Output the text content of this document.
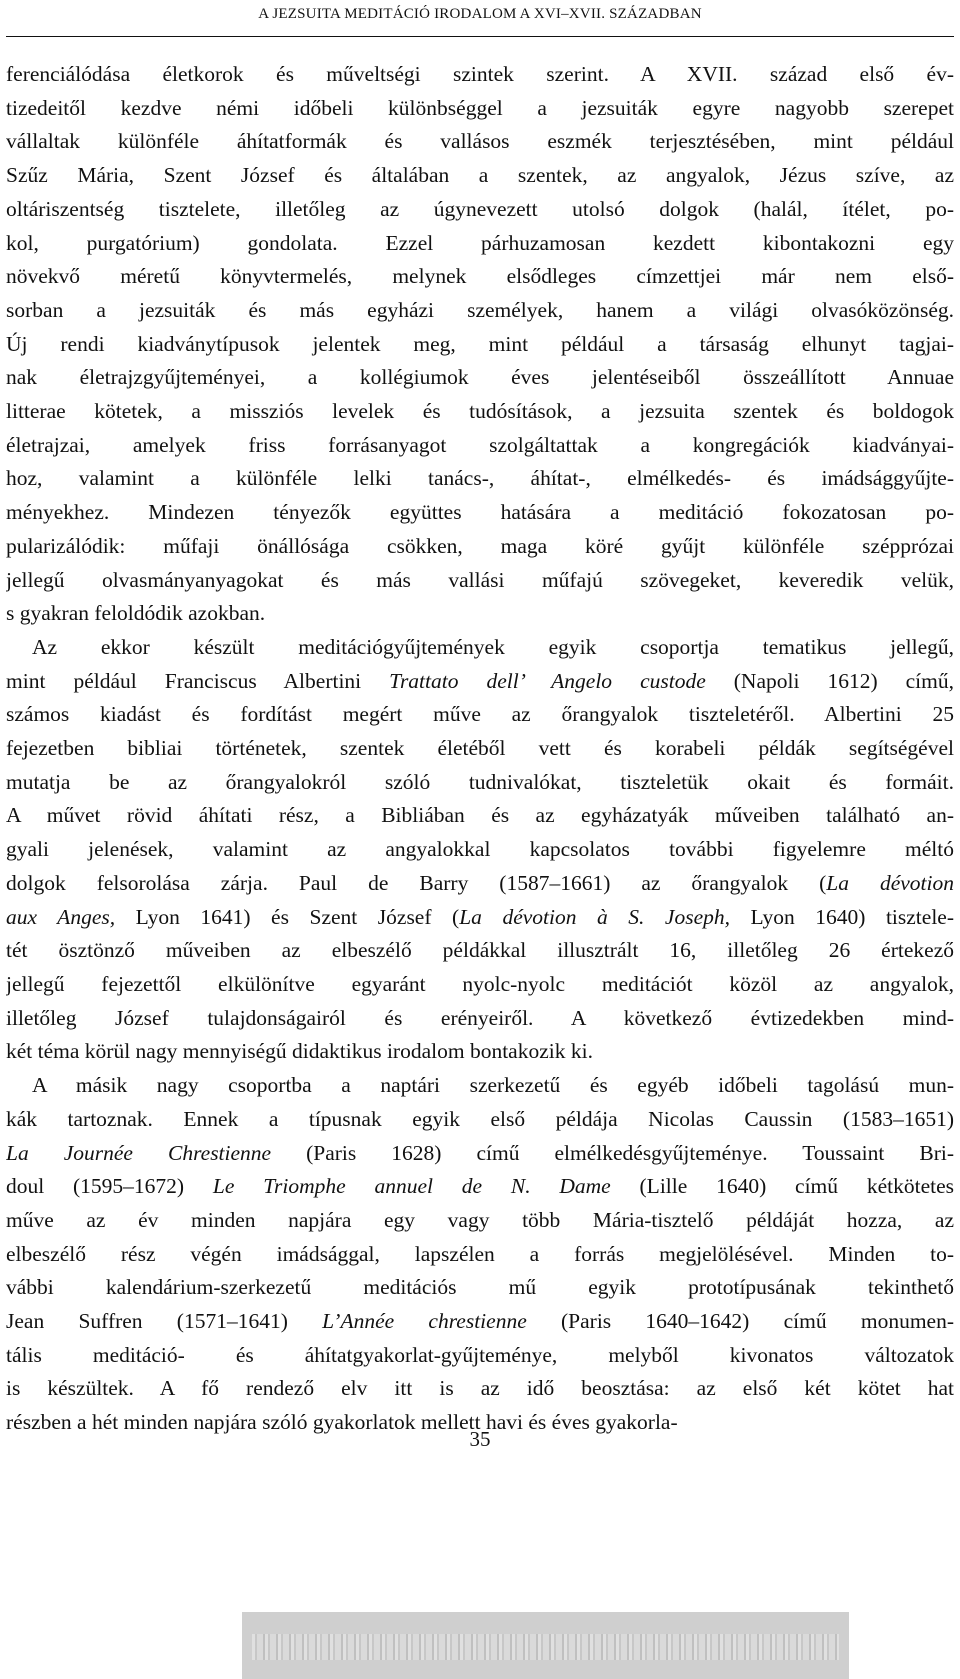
A JEZSUITA MEDITÁCIÓ IRODALOM A XVI–XVII. SZÁZADBAN

ferenciálódása életkorok és műveltségi szintek szerint. A XVII. század első év-
tizedeitől kezdve némi időbeli különbséggel a jezsuiták egyre nagyobb szerepet
vállaltak különféle áhítatformák és vallásos eszmék terjesztésében, mint például
Szűz Mária, Szent József és általában a szentek, az angyalok, Jézus szíve, az
oltáriszentség tisztelete, illetőleg az úgynevezett utolsó dolgok (halál, ítélet, po-
kol, purgatórium) gondolata. Ezzel párhuzamosan kezdett kibontakozni egy
növekvő méretű könyvtermelés, melynek elsődleges címzettjei már nem első-
sorban a jezsuiták és más egyházi személyek, hanem a világi olvasóközönség.
Új rendi kiadványtípusok jelentek meg, mint például a társaság elhunyt tagjai-
nak életrajzgyűjteményei, a kollégiumok éves jelentéseiből összeállított Annuae
litterae kötetek, a missziós levelek és tudósítások, a jezsuita szentek és boldogok
életrajzai, amelyek friss forrásanyagot szolgáltattak a kongregációk kiadványai-
hoz, valamint a különféle lelki tanács-, áhítat-, elmélkedés- és imádsággyűjte-
ményekhez. Mindezen tényezők együttes hatására a meditáció fokozatosan po-
pularizálódik: műfaji önállósága csökken, maga köré gyűjt különféle szépprózai
jellegű olvasmányanyagokat és más vallási műfajú szövegeket, keveredik velük,
s gyakran feloldódik azokban.

Az ekkor készült meditációgyűjtemények egyik csoportja tematikus jellegű,
mint például Franciscus Albertini Trattato dell’ Angelo custode (Napoli 1612) című,
számos kiadást és fordítást megért műve az őrangyalok tiszteletéről. Albertini 25
fejezetben bibliai történetek, szentek életéből vett és korabeli példák segítségével
mutatja be az őrangyalokról szóló tudnivalókat, tiszteletük okait és formáit.
A művet rövid áhítati rész, a Bibliában és az egyházatyák műveiben található an-
gyali jelenések, valamint az angyalokkal kapcsolatos további figyelemre méltó
dolgok felsorolása zárja. Paul de Barry (1587–1661) az őrangyalok (La dévotion
aux Anges, Lyon 1641) és Szent József (La dévotion à S. Joseph, Lyon 1640) tisztele-
tét ösztönző műveiben az elbeszélő példákkal illusztrált 16, illetőleg 26 értekező
jellegű fejezettől elkülönítve egyaránt nyolc-nyolc meditációt közöl az angyalok,
illetőleg József tulajdonságairól és erényeiről. A következő évtizedekben mind-
két téma körül nagy mennyiségű didaktikus irodalom bontakozik ki.

A másik nagy csoportba a naptári szerkezetű és egyéb időbeli tagolású mun-
kák tartoznak. Ennek a típusnak egyik első példája Nicolas Caussin (1583–1651)
La Journée Chrestienne (Paris 1628) című elmélkedésgyűjteménye. Toussaint Bri-
doul (1595–1672) Le Triomphe annuel de N. Dame (Lille 1640) című kétkötetes
műve az év minden napjára egy vagy több Mária-tisztelő példáját hozza, az
elbeszélő rész végén imádsággal, lapszélen a forrás megjelölésével. Minden to-
vábbi kalendárium-szerkezetű meditációs mű egyik prototípusának tekinthető
Jean Suffren (1571–1641) L’Année chrestienne (Paris 1640–1642) című monumen-
tális meditáció- és áhítatgyakorlat-gyűjteménye, melyből kivonatos változatok
is készültek. A fő rendező elv itt is az idő beosztása: az első két kötet hat
részben a hét minden napjára szóló gyakorlatok mellett havi és éves gyakorla-

35
